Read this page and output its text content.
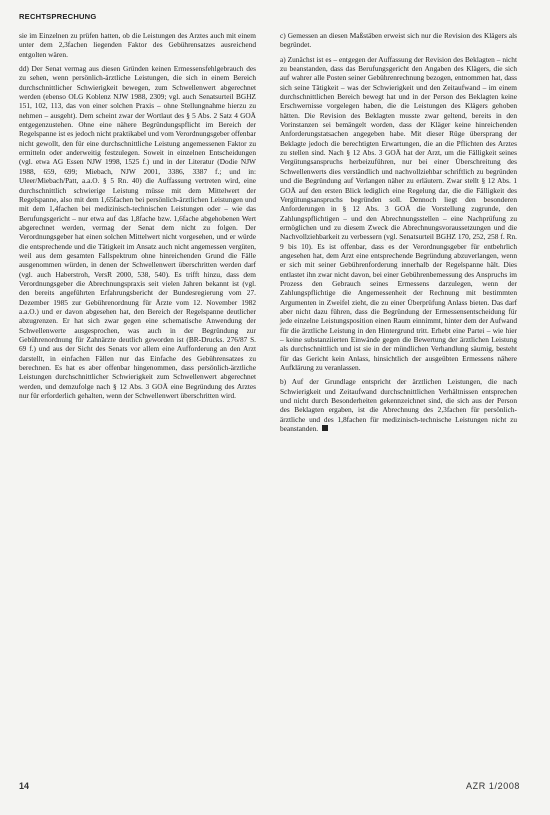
RECHTSPRECHUNG

sie im Einzelnen zu prüfen hatten, ob die Leistungen des Arztes auch mit einem unter dem 2,3fachen liegenden Faktor des Gebührensatzes ausreichend entgolten wären.

dd) Der Senat vermag aus diesen Gründen keinen Ermessensfehlgebrauch des zu sehen, wenn persönlich-ärztliche Leistungen, die sich in einem Bereich durchschnittlicher Schwierigkeit bewegen, zum Schwellenwert abgerechnet werden (ebenso OLG Koblenz NJW 1988, 2309; vgl. auch Senatsurteil BGHZ 151, 102, 113, das von einer solchen Praxis – ohne Stellungnahme hierzu zu nehmen – ausgeht). Dem scheint zwar der Wortlaut des § 5 Abs. 2 Satz 4 GOÄ entgegenzustehen. Ohne eine nähere Begründungspflicht im Bereich der Regelspanne ist es jedoch nicht praktikabel und vom Verordnungsgeber offenbar nicht gewollt, den für eine durchschnittliche Leistung angemessenen Faktor zu ermitteln oder anderweitig festzulegen. Soweit in einzelnen Entscheidungen (vgl. etwa AG Essen NJW 1998, 1525 f.) und in der Literatur (Dodie NJW 1988, 659, 699; Miebach, NJW 2001, 3386, 3387 f.; und in: Uleer/Miebach/Patt, a.a.O. § 5 Rn. 40) die Auffassung vertreten wird, eine durchschnittlich schwierige Leistung müsse mit dem Mittelwert der Regelspanne, also mit dem 1,65fachen bei persönlich-ärztlichen Leistungen und mit dem 1,4fachen bei medizinisch-technischen Leistungen oder – wie das Berufungsgericht – nur etwa auf das 1,8fache bzw. 1,6fache abgehobenen Wert abgerechnet werden, vermag der Senat dem nicht zu folgen. Der Verordnungsgeber hat einen solchen Mittelwert nicht vorgesehen, und er würde die entsprechende und die Tätigkeit im Ansatz auch nicht angemessen vergüten, weil aus dem gesamten Fallspektrum ohne hinreichenden Grund die Fälle ausgenommen würden, in denen der Schwellenwert überschritten werden darf (vgl. auch Haberstroh, VersR 2000, 538, 540). Es trifft hinzu, dass dem Verordnungsgeber die Abrechnungspraxis seit vielen Jahren bekannt ist (vgl. den bereits angeführten Erfahrungsbericht der Bundesregierung vom 27. Dezember 1985 zur Gebührenordnung für Ärzte vom 12. November 1982 a.a.O.) und er davon abgesehen hat, den Bereich der Regelspanne deutlicher abzugrenzen. Er hat sich zwar gegen eine schematische Anwendung der Schwellenwerte ausgesprochen, was auch in der Begründung zur Gebührenordnung für Zahnärzte deutlich geworden ist (BR-Drucks. 276/87 S. 69 f.) und aus der Sicht des Senats vor allem eine Aufforderung an den Arzt darstellt, in einfachen Fällen nur das Einfache des Gebührensatzes zu berechnen. Es hat es aber offenbar hingenommen, dass persönlich-ärztliche Leistungen durchschnittlicher Schwierigkeit zum Schwellenwert abgerechnet werden, und demzufolge nach § 12 Abs. 3 GOÄ eine Begründung des Arztes nur für erforderlich gehalten, wenn der Schwellenwert überschritten wird.

c) Gemessen an diesen Maßstäben erweist sich nur die Revision des Klägers als begründet.

a) Zunächst ist es – entgegen der Auffassung der Revision des Beklagten – nicht zu beanstanden, dass das Berufungsgericht den Angaben des Klägers, die sich auf wahrer alle Posten seiner Gebührenrechnung bezogen, entnommen hat, dass sich seine Tätigkeit – was der Schwierigkeit und den Zeitaufwand – im einem durchschnittlichen Bereich bewegt hat und in der Person des Beklagten keine Erschwernisse vorgelegen haben, die die Leistungen des Klägers gehoben hätten. Die Revision des Beklagten musste zwar geltend, bereits in den Vorinstanzen sei bemängelt worden, dass der Kläger keine hinreichenden Anforderungstatsachen angegeben habe. Mit dieser Rüge übersprang der Beklagte jedoch die berechtigten Erwartungen, die an die Pflichten des Arztes zu stellen sind. Nach § 12 Abs. 3 GOÄ hat der Arzt, um die Fälligkeit seines Vergütungsanspruchs herbeizuführen, nur bei einer Überschreitung des Schwellenwerts dies verständlich und nachvollziehbar schriftlich zu begründen und die Begründung auf Verlangen näher zu erläutern. Zwar stellt § 12 Abs. 1 GOÄ auf den ersten Blick lediglich eine Regelung dar, die die Fälligkeit des Vergütungsanspruchs begründen soll. Dennoch liegt den besonderen Anforderungen in § 12 Abs. 3 GOÄ die Vorstellung zugrunde, den Zahlungspflichtigen – und den Abrechnungsstellen – eine Nachprüfung zu ermöglichen und zu diesem Zweck die Abrechnungsvoraussetzungen und die Nachvollziehbarkeit zu verbessern (vgl. Senatsurteil BGHZ 170, 252, 258 f. Rn. 9 bis 10). Es ist offenbar, dass es der Verordnungsgeber für entbehrlich angesehen hat, dem Arzt eine entsprechende Begründung abzuverlangen, wenn er sich mit seiner Gebührenforderung innerhalb der Regelspanne hält. Dies entlastet ihn zwar nicht davon, bei einer Gebührenbemessung des Anspruchs im Prozess den Gebrauch seines Ermessens darzulegen, wenn der Zahlungspflichtige die Angemessenheit der Rechnung mit bestimmten Argumenten in Zweifel zieht, die zu einer Überprüfung Anlass bieten. Das darf aber nicht dazu führen, dass die Begründung der Ermessensentscheidung für jede einzelne Leistungsposition einen Raum einnimmt, hinter dem der Aufwand für die ärztliche Leistung in den Hintergrund tritt. Erhebt eine Partei – wie hier – keine substanziierten Einwände gegen die Bewertung der ärztlichen Leistung als durchschnittlich und ist sie in der mündlichen Verhandlung säumig, besteht für das Gericht kein Anlass, hinsichtlich der ausgeübten Ermessens nähere Aufklärung zu veranlassen.

b) Auf der Grundlage entspricht der ärztlichen Leistungen, die nach Schwierigkeit und Zeitaufwand durchschnittlichen Verhältnissen entsprechen und nicht durch Besonderheiten gekennzeichnet sind, die sich aus der Person des Beklagten ergaben, ist die Abrechnung des 2,3fachen für persönlich-ärztliche und des 1,8fachen für medizinisch-technische Leistungen nicht zu beanstanden.

14	AZR 1/2008
